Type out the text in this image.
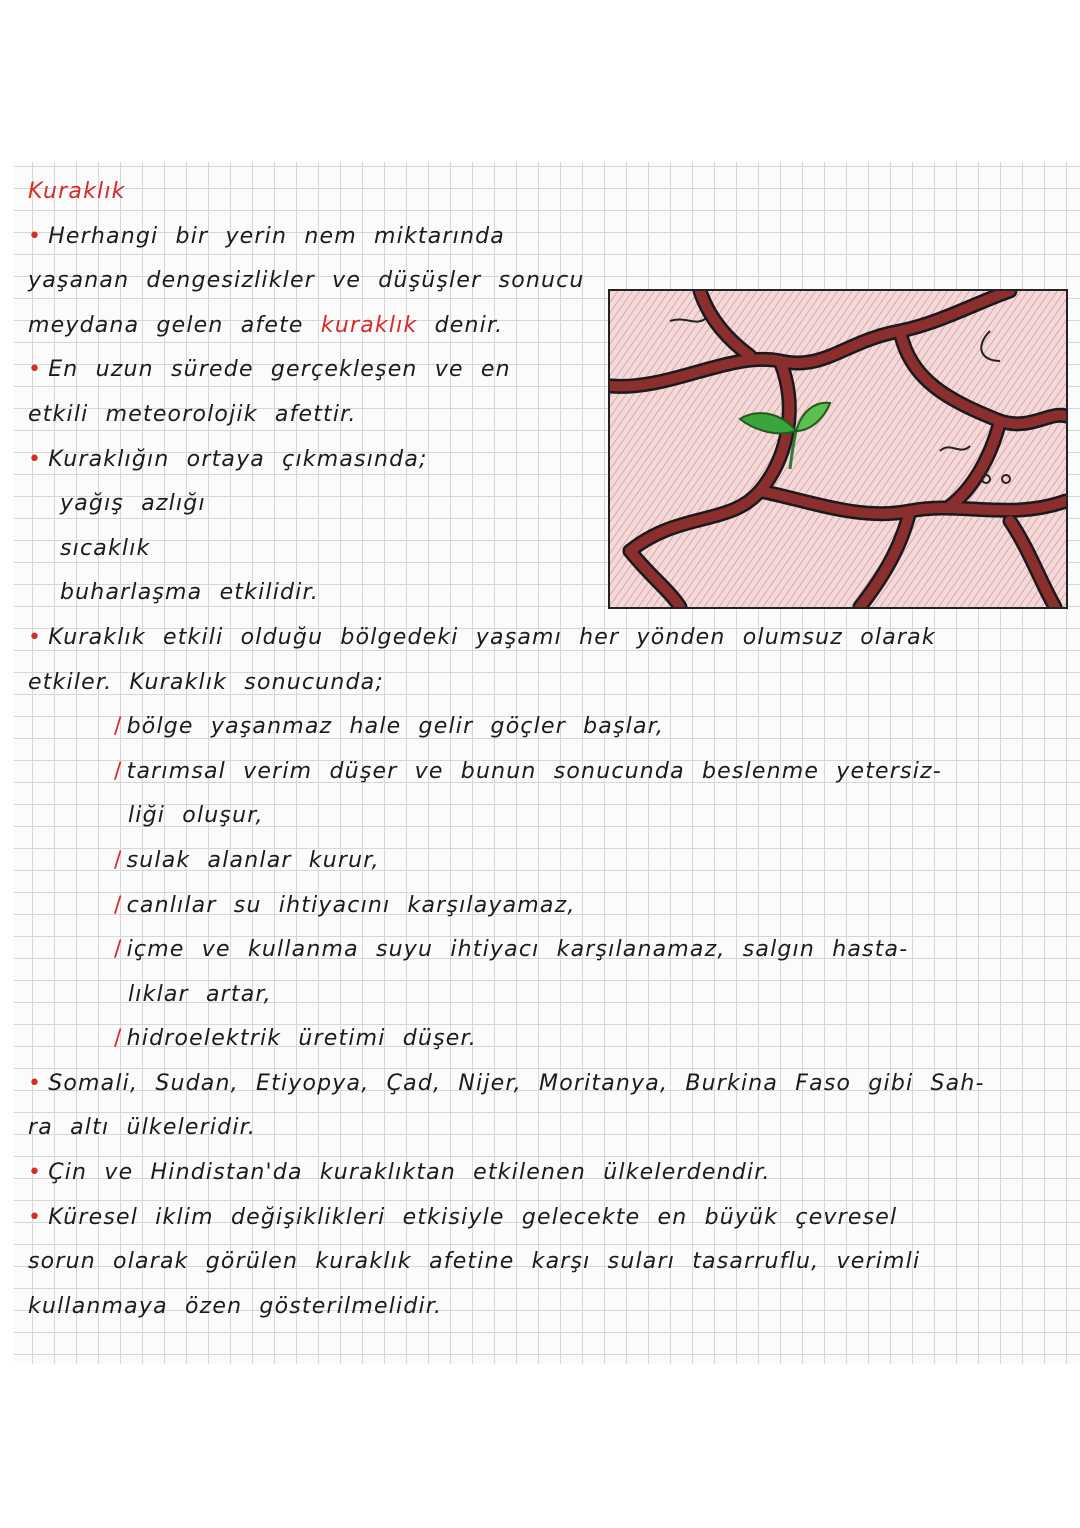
Kuraklık

• Herhangi bir yerin nem miktarında

yaşanan dengesizlikler ve düşüşler sonucu

meydana gelen afete kuraklık denir.

• En uzun sürede gerçekleşen ve en

etkili meteorolojik afettir.

• Kuraklığın ortaya çıkmasında;

yağış azlığı

sıcaklık

buharlaşma etkilidir.

• Kuraklık etkili olduğu bölgedeki yaşamı her yönden olumsuz olarak

etkiler. Kuraklık sonucunda;

/ bölge yaşanmaz hale gelir göçler başlar,

/ tarımsal verim düşer ve bunun sonucunda beslenme yetersiz-

liği oluşur,

/ sulak alanlar kurur,

/ canlılar su ihtiyacını karşılayamaz,

/ içme ve kullanma suyu ihtiyacı karşılanamaz, salgın hasta-

lıklar artar,

/ hidroelektrik üretimi düşer.

• Somali, Sudan, Etiyopya, Çad, Nijer, Moritanya, Burkina Faso gibi Sah-

ra altı ülkeleridir.

• Çin ve Hindistan'da kuraklıktan etkilenen ülkelerdendir.

• Küresel iklim değişiklikleri etkisiyle gelecekte en büyük çevresel

sorun olarak görülen kuraklık afetine karşı suları tasarruflu, verimli

kullanmaya özen gösterilmelidir.
